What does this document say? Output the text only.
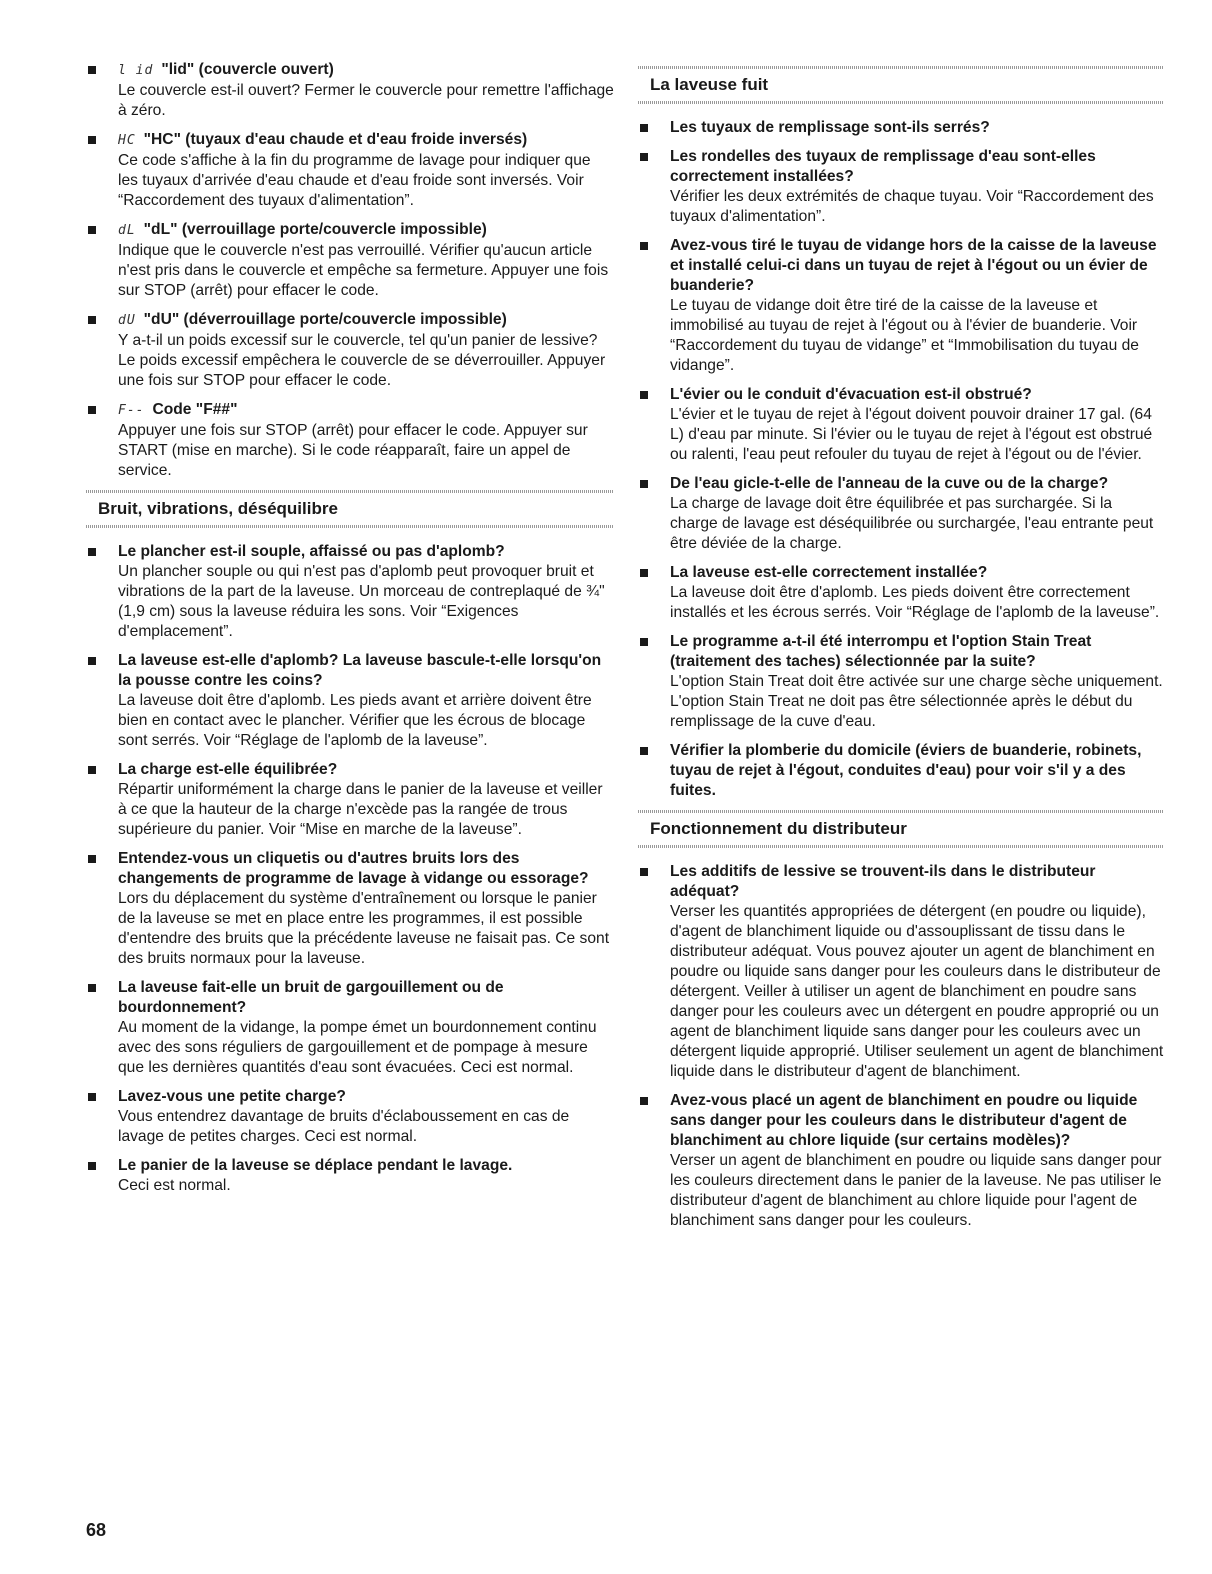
l id "lid" (couvercle ouvert)
Le couvercle est-il ouvert? Fermer le couvercle pour remettre l'affichage à zéro.
HC "HC" (tuyaux d'eau chaude et d'eau froide inversés)
Ce code s'affiche à la fin du programme de lavage pour indiquer que les tuyaux d'arrivée d'eau chaude et d'eau froide sont inversés. Voir “Raccordement des tuyaux d'alimentation”.
dL "dL" (verrouillage porte/couvercle impossible)
Indique que le couvercle n'est pas verrouillé. Vérifier qu'aucun article n'est pris dans le couvercle et empêche sa fermeture. Appuyer une fois sur STOP (arrêt) pour effacer le code.
dU "dU" (déverrouillage porte/couvercle impossible)
Y a-t-il un poids excessif sur le couvercle, tel qu'un panier de lessive? Le poids excessif empêchera le couvercle de se déverrouiller. Appuyer une fois sur STOP pour effacer le code.
F-- Code "F##"
Appuyer une fois sur STOP (arrêt) pour effacer le code. Appuyer sur START (mise en marche). Si le code réapparaît, faire un appel de service.
Bruit, vibrations, déséquilibre
Le plancher est-il souple, affaissé ou pas d'aplomb?
Un plancher souple ou qui n'est pas d'aplomb peut provoquer bruit et vibrations de la part de la laveuse. Un morceau de contreplaqué de ¾" (1,9 cm) sous la laveuse réduira les sons. Voir “Exigences d'emplacement”.
La laveuse est-elle d'aplomb? La laveuse bascule-t-elle lorsqu'on la pousse contre les coins?
La laveuse doit être d'aplomb. Les pieds avant et arrière doivent être bien en contact avec le plancher. Vérifier que les écrous de blocage sont serrés. Voir “Réglage de l'aplomb de la laveuse”.
La charge est-elle équilibrée?
Répartir uniformément la charge dans le panier de la laveuse et veiller à ce que la hauteur de la charge n'excède pas la rangée de trous supérieure du panier. Voir “Mise en marche de la laveuse”.
Entendez-vous un cliquetis ou d'autres bruits lors des changements de programme de lavage à vidange ou essorage?
Lors du déplacement du système d'entraînement ou lorsque le panier de la laveuse se met en place entre les programmes, il est possible d'entendre des bruits que la précédente laveuse ne faisait pas. Ce sont des bruits normaux pour la laveuse.
La laveuse fait-elle un bruit de gargouillement ou de bourdonnement?
Au moment de la vidange, la pompe émet un bourdonnement continu avec des sons réguliers de gargouillement et de pompage à mesure que les dernières quantités d'eau sont évacuées. Ceci est normal.
Lavez-vous une petite charge?
Vous entendrez davantage de bruits d'éclaboussement en cas de lavage de petites charges. Ceci est normal.
Le panier de la laveuse se déplace pendant le lavage.
Ceci est normal.
La laveuse fuit
Les tuyaux de remplissage sont-ils serrés?
Les rondelles des tuyaux de remplissage d'eau sont-elles correctement installées?
Vérifier les deux extrémités de chaque tuyau. Voir “Raccordement des tuyaux d'alimentation”.
Avez-vous tiré le tuyau de vidange hors de la caisse de la laveuse et installé celui-ci dans un tuyau de rejet à l'égout ou un évier de buanderie?
Le tuyau de vidange doit être tiré de la caisse de la laveuse et immobilisé au tuyau de rejet à l'égout ou à l'évier de buanderie. Voir “Raccordement du tuyau de vidange” et “Immobilisation du tuyau de vidange”.
L'évier ou le conduit d'évacuation est-il obstrué?
L'évier et le tuyau de rejet à l'égout doivent pouvoir drainer 17 gal. (64 L) d'eau par minute. Si l'évier ou le tuyau de rejet à l'égout est obstrué ou ralenti, l'eau peut refouler du tuyau de rejet à l'égout ou de l'évier.
De l'eau gicle-t-elle de l'anneau de la cuve ou de la charge?
La charge de lavage doit être équilibrée et pas surchargée. Si la charge de lavage est déséquilibrée ou surchargée, l'eau entrante peut être déviée de la charge.
La laveuse est-elle correctement installée?
La laveuse doit être d'aplomb. Les pieds doivent être correctement installés et les écrous serrés. Voir “Réglage de l'aplomb de la laveuse”.
Le programme a-t-il été interrompu et l'option Stain Treat (traitement des taches) sélectionnée par la suite?
L'option Stain Treat doit être activée sur une charge sèche uniquement. L'option Stain Treat ne doit pas être sélectionnée après le début du remplissage de la cuve d'eau.
Vérifier la plomberie du domicile (éviers de buanderie, robinets, tuyau de rejet à l'égout, conduites d'eau) pour voir s'il y a des fuites.
Fonctionnement du distributeur
Les additifs de lessive se trouvent-ils dans le distributeur adéquat?
Verser les quantités appropriées de détergent (en poudre ou liquide), d'agent de blanchiment liquide ou d'assouplissant de tissu dans le distributeur adéquat. Vous pouvez ajouter un agent de blanchiment en poudre ou liquide sans danger pour les couleurs dans le distributeur de détergent. Veiller à utiliser un agent de blanchiment en poudre sans danger pour les couleurs avec un détergent en poudre approprié ou un agent de blanchiment liquide sans danger pour les couleurs avec un détergent liquide approprié. Utiliser seulement un agent de blanchiment liquide dans le distributeur d'agent de blanchiment.
Avez-vous placé un agent de blanchiment en poudre ou liquide sans danger pour les couleurs dans le distributeur d'agent de blanchiment au chlore liquide (sur certains modèles)?
Verser un agent de blanchiment en poudre ou liquide sans danger pour les couleurs directement dans le panier de la laveuse. Ne pas utiliser le distributeur d'agent de blanchiment au chlore liquide pour l'agent de blanchiment sans danger pour les couleurs.
68
